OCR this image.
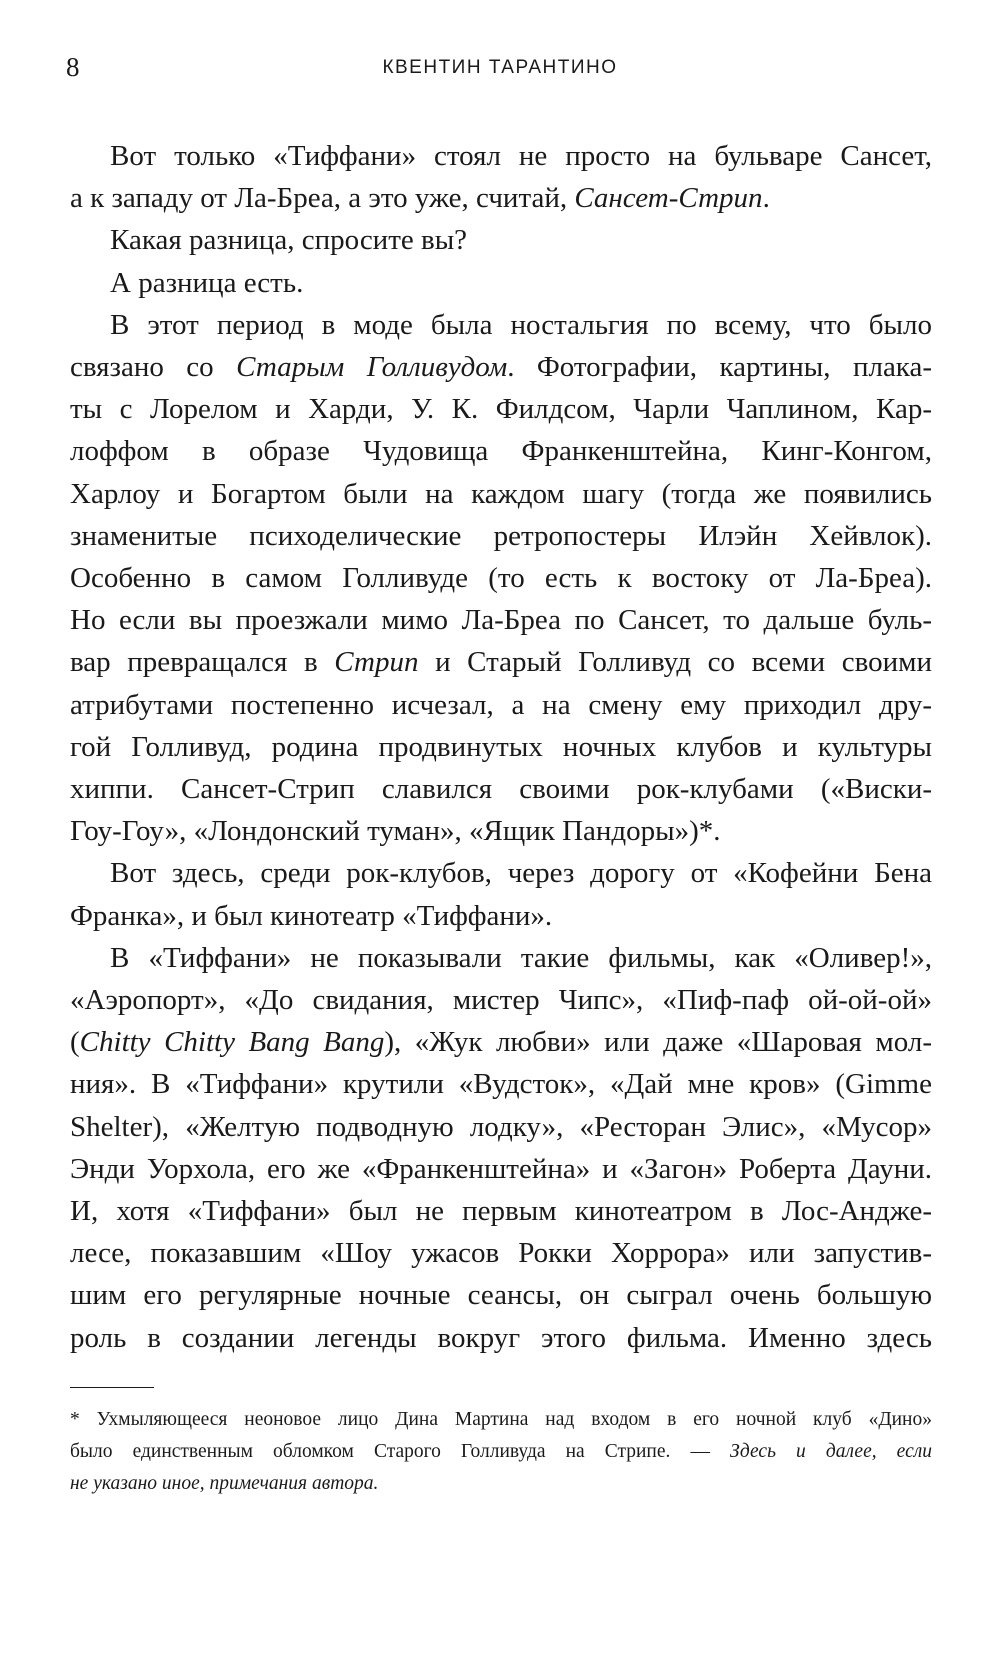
8	КВЕНТИН ТАРАНТИНО

Вот только «Тиффани» стоял не просто на бульваре Сансет,
а к западу от Ла-Бреа, а это уже, считай, Сансет-Стрип.

Какая разница, спросите вы?

А разница есть.

В этот период в моде была ностальгия по всему, что было
связано со Старым Голливудом. Фотографии, картины, плака-
ты с Лорелом и Харди, У. К. Филдсом, Чарли Чаплином, Кар-
лоффом в образе Чудовища Франкенштейна, Кинг-Конгом,
Харлоу и Богартом были на каждом шагу (тогда же появились
знаменитые психоделические ретропостеры Илэйн Хейвлок).
Особенно в самом Голливуде (то есть к востоку от Ла-Бреа).
Но если вы проезжали мимо Ла-Бреа по Сансет, то дальше буль-
вар превращался в Стрип и Старый Голливуд со всеми своими
атрибутами постепенно исчезал, а на смену ему приходил дру-
гой Голливуд, родина продвинутых ночных клубов и культуры
хиппи. Сансет-Стрип славился своими рок-клубами («Виски-
Гоу-Гоу», «Лондонский туман», «Ящик Пандоры»)*.

Вот здесь, среди рок-клубов, через дорогу от «Кофейни Бена
Франка», и был кинотеатр «Тиффани».

В «Тиффани» не показывали такие фильмы, как «Оливер!»,
«Аэропорт», «До свидания, мистер Чипс», «Пиф-паф ой-ой-ой»
(Chitty Chitty Bang Bang), «Жук любви» или даже «Шаровая мол-
ния». В «Тиффани» крутили «Вудсток», «Дай мне кров» (Gimme
Shelter), «Желтую подводную лодку», «Ресторан Элис», «Мусор»
Энди Уорхола, его же «Франкенштейна» и «Загон» Роберта Дауни.
И, хотя «Тиффани» был не первым кинотеатром в Лос-Андже-
лесе, показавшим «Шоу ужасов Рокки Хоррора» или запустив-
шим его регулярные ночные сеансы, он сыграл очень большую
роль в создании легенды вокруг этого фильма. Именно здесь

* Ухмыляющееся неоновое лицо Дина Мартина над входом в его ночной клуб «Дино»
было единственным обломком Старого Голливуда на Стрипе. — Здесь и далее, если
не указано иное, примечания автора.
